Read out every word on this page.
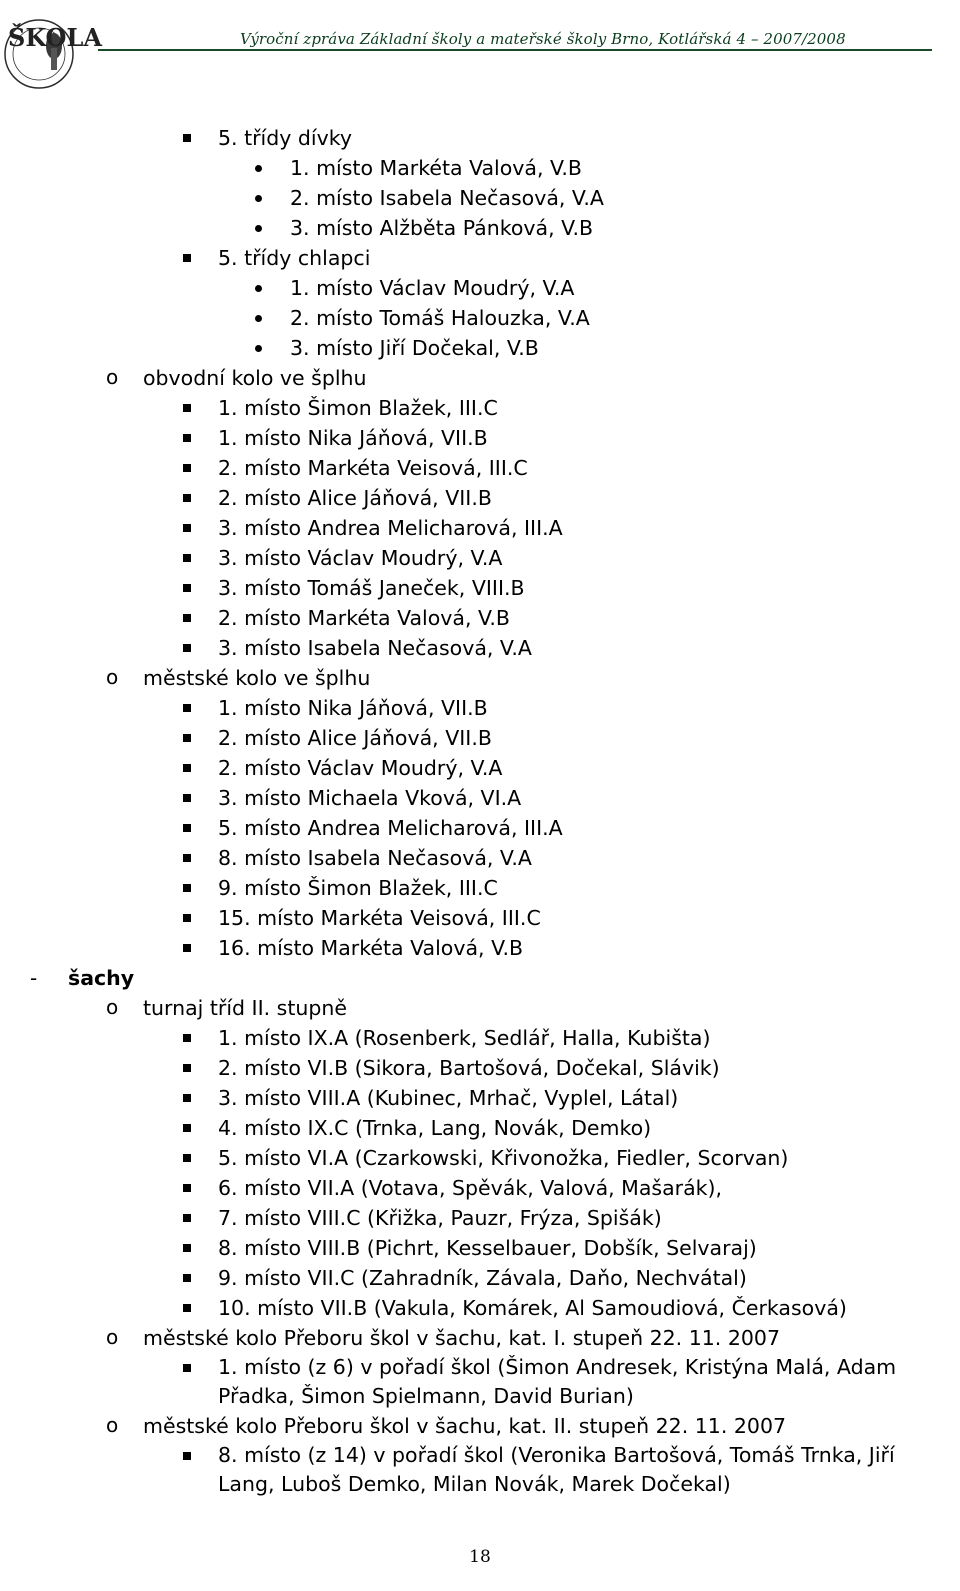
ŠKOLA	Výroční zpráva Základní školy a mateřské školy Brno, Kotlářská 4 – 2007/2008
5. třídy dívky
1. místo Markéta Valová, V.B
2. místo Isabela Nečasová, V.A
3. místo Alžběta Pánková, V.B
5. třídy chlapci
1. místo Václav Moudrý, V.A
2. místo Tomáš Halouzka, V.A
3. místo Jiří Dočekal, V.B
o obvodní kolo ve šplhu
1. místo Šimon Blažek, III.C
1. místo Nika Jáňová, VII.B
2. místo Markéta Veisová, III.C
2. místo Alice Jáňová, VII.B
3. místo Andrea Melicharová, III.A
3. místo Václav Moudrý, V.A
3. místo Tomáš Janeček, VIII.B
2. místo Markéta Valová, V.B
3. místo Isabela Nečasová, V.A
o městské kolo ve šplhu
1. místo Nika Jáňová, VII.B
2. místo Alice Jáňová, VII.B
2. místo Václav Moudrý, V.A
3. místo Michaela Vková, VI.A
5. místo Andrea Melicharová, III.A
8. místo Isabela Nečasová, V.A
9. místo Šimon Blažek, III.C
15. místo Markéta Veisová, III.C
16. místo Markéta Valová, V.B
- šachy
o turnaj tříd II. stupně
1. místo IX.A (Rosenberk, Sedlář, Halla, Kubišta)
2. místo VI.B (Sikora, Bartošová, Dočekal, Slávik)
3. místo VIII.A (Kubinec, Mrhač, Vyplel, Látal)
4. místo IX.C (Trnka, Lang, Novák, Demko)
5. místo VI.A (Czarkowski, Křivonožka, Fiedler, Scorvan)
6. místo VII.A (Votava, Spěvák, Valová, Mašarák),
7. místo VIII.C (Křižka, Pauzr, Frýza, Spišák)
8. místo VIII.B (Pichrt, Kesselbauer, Dobšík, Selvaraj)
9. místo VII.C (Zahradník, Závala, Daňo, Nechvátal)
10. místo VII.B (Vakula, Komárek, Al Samoudiová, Čerkasová)
o městské kolo Přeboru škol v šachu, kat. I. stupeň 22. 11. 2007
1. místo (z 6) v pořadí škol (Šimon Andresek, Kristýna Malá, Adam
Přadka, Šimon Spielmann, David Burian)
o městské kolo Přeboru škol v šachu, kat. II. stupeň 22. 11. 2007
8. místo (z 14) v pořadí škol (Veronika Bartošová, Tomáš Trnka, Jiří
Lang, Luboš Demko, Milan Novák, Marek Dočekal)
18
